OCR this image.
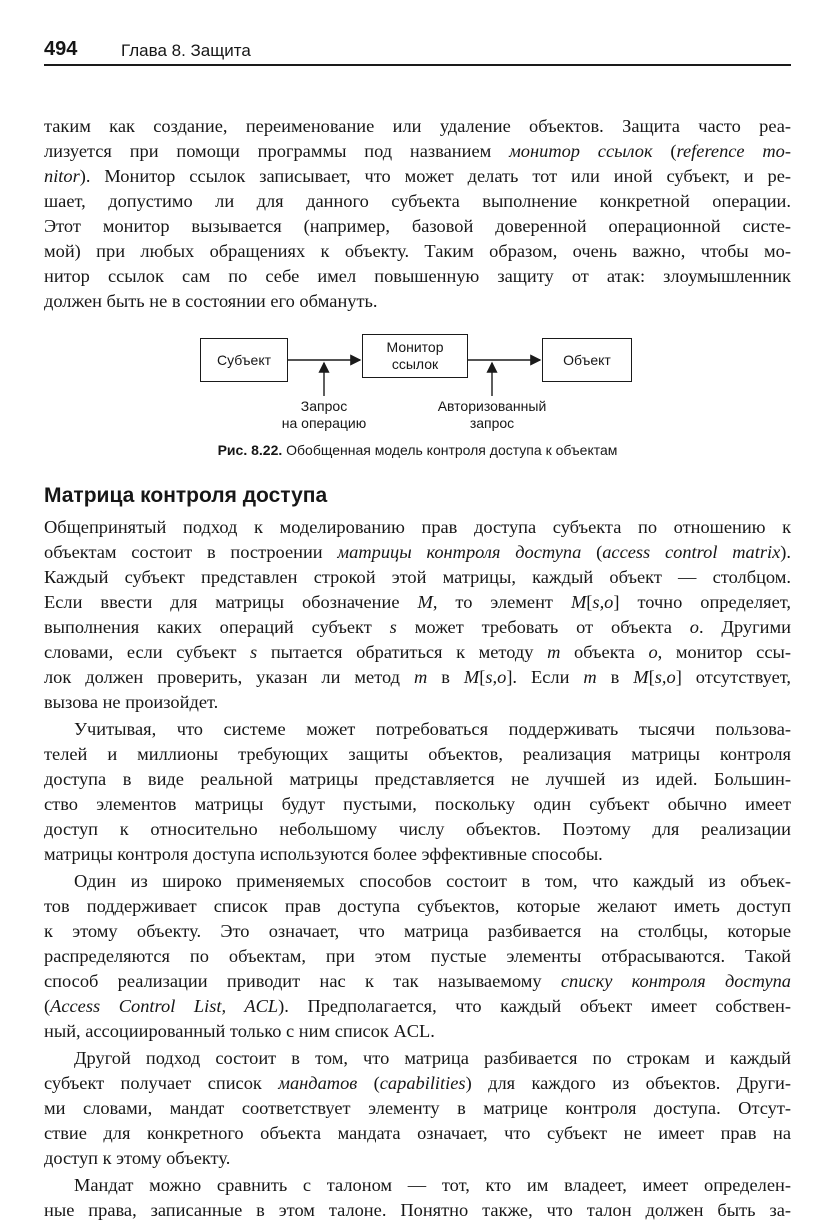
494	Глава 8. Защита
таким как создание, переименование или удаление объектов. Защита часто реа-
лизуется при помощи программы под названием монитор ссылок (reference mo-
nitor). Монитор ссылок записывает, что может делать тот или иной субъект, и ре-
шает, допустимо ли для данного субъекта выполнение конкретной операции.
Этот монитор вызывается (например, базовой доверенной операционной систе-
мой) при любых обращениях к объекту. Таким образом, очень важно, чтобы мо-
нитор ссылок сам по себе имел повышенную защиту от атак: злоумышленник
должен быть не в состоянии его обмануть.
Субъект
Монитор
ссылок	Объект
Запрос
на операцию
Авторизованный
запрос
Рис. 8.22. Обобщенная модель контроля доступа к объектам
Матрица контроля доступа
Общепринятый подход к моделированию прав доступа субъекта по отношению к
объектам состоит в построении матрицы контроля доступа (access control matrix).
Каждый субъект представлен строкой этой матрицы, каждый объект — столбцом.
Если ввести для матрицы обозначение M, то элемент M[s,o] точно определяет,
выполнения каких операций субъект s может требовать от объекта o. Другими
словами, если субъект s пытается обратиться к методу m объекта o, монитор ссы-
лок должен проверить, указан ли метод m в M[s,o]. Если m в M[s,o] отсутствует,
вызова не произойдет.
Учитывая, что системе может потребоваться поддерживать тысячи пользова-
телей и миллионы требующих защиты объектов, реализация матрицы контроля
доступа в виде реальной матрицы представляется не лучшей из идей. Большин-
ство элементов матрицы будут пустыми, поскольку один субъект обычно имеет
доступ к относительно небольшому числу объектов. Поэтому для реализации
матрицы контроля доступа используются более эффективные способы.
Один из широко применяемых способов состоит в том, что каждый из объек-
тов поддерживает список прав доступа субъектов, которые желают иметь доступ
к этому объекту. Это означает, что матрица разбивается на столбцы, которые
распределяются по объектам, при этом пустые элементы отбрасываются. Такой
способ реализации приводит нас к так называемому списку контроля доступа
(Access Control List, ACL). Предполагается, что каждый объект имеет собствен-
ный, ассоциированный только с ним список ACL.
Другой подход состоит в том, что матрица разбивается по строкам и каждый
субъект получает список мандатов (capabilities) для каждого из объектов. Други-
ми словами, мандат соответствует элементу в матрице контроля доступа. Отсут-
ствие для конкретного объекта мандата означает, что субъект не имеет прав на
доступ к этому объекту.
Мандат можно сравнить с талоном — тот, кто им владеет, имеет определен-
ные права, записанные в этом талоне. Понятно также, что талон должен быть за-
